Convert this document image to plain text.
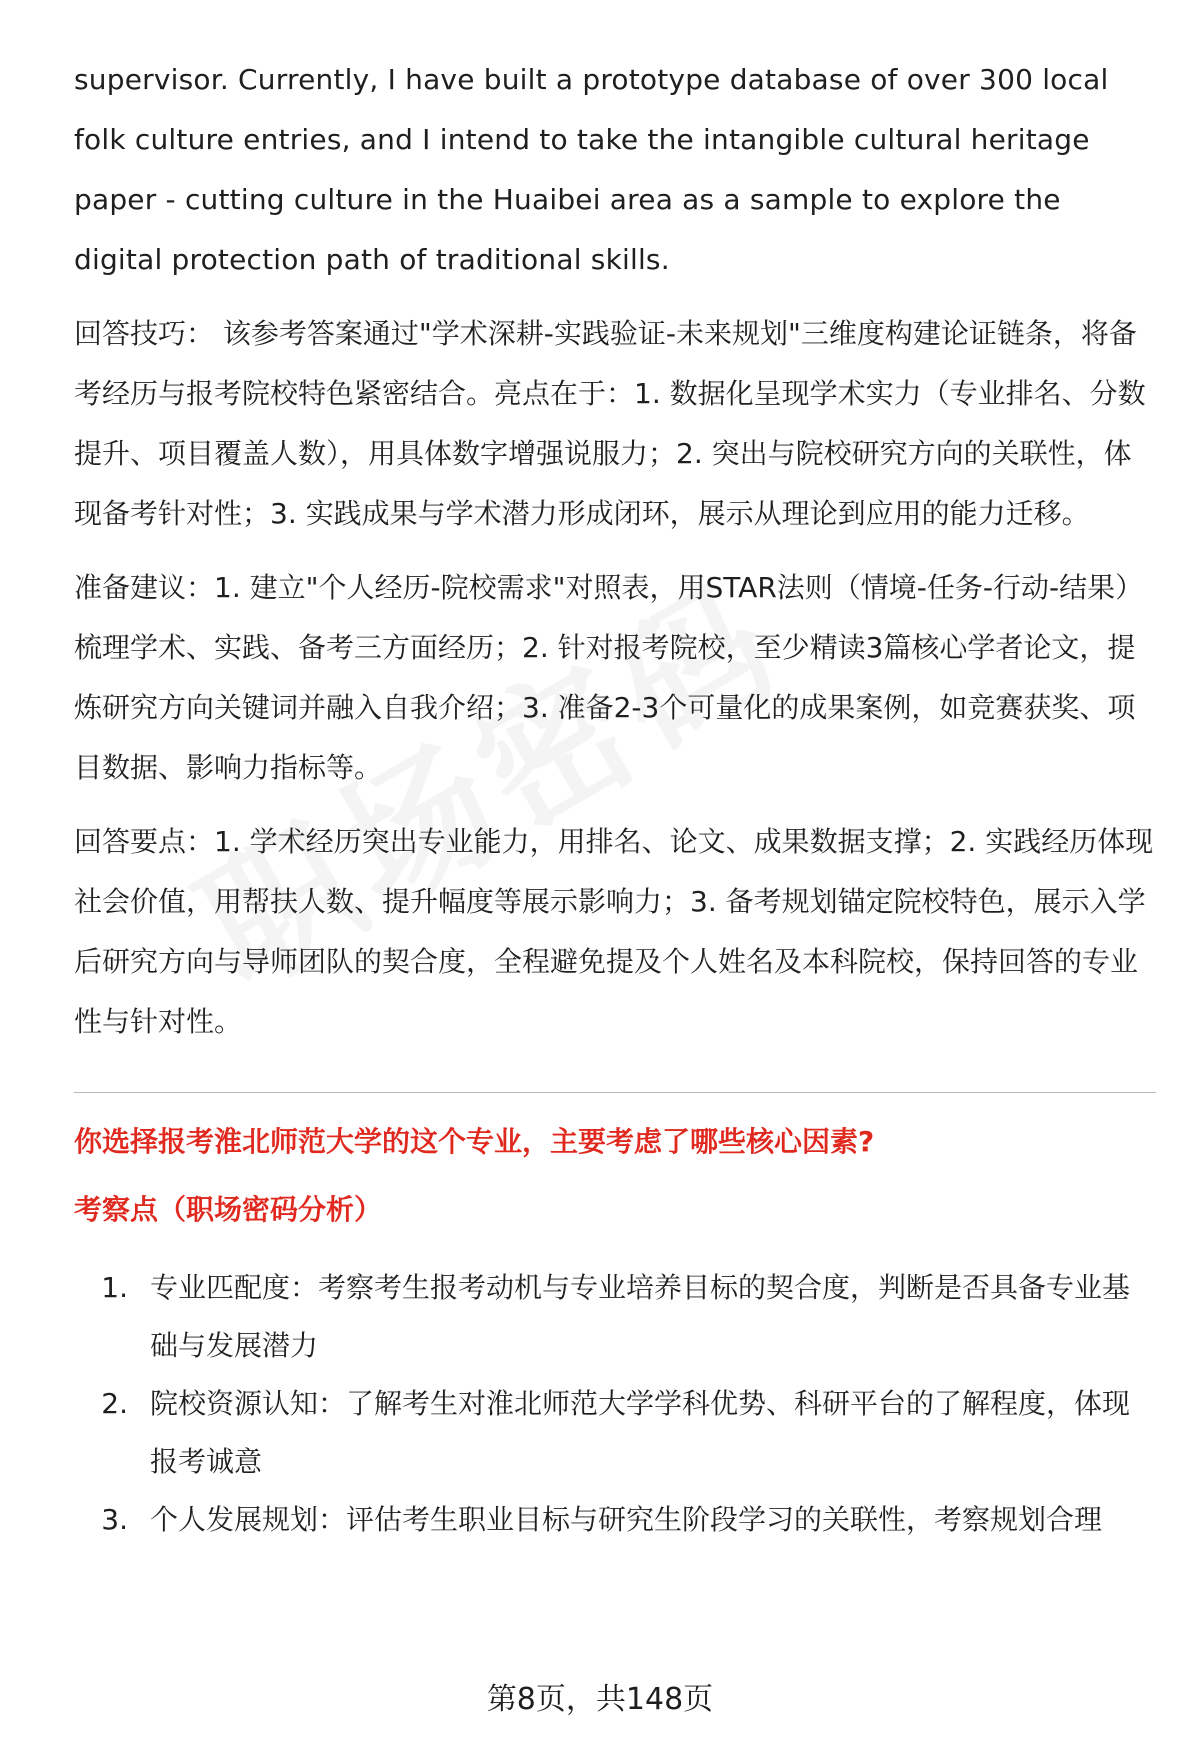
supervisor. Currently, I have built a prototype database of over 300 local folk culture entries, and I intend to take the intangible cultural heritage paper - cutting culture in the Huaibei area as a sample to explore the digital protection path of traditional skills.

回答技巧： 该参考答案通过"学术深耕-实践验证-未来规划"三维度构建论证链条，将备考经历与报考院校特色紧密结合。亮点在于：1. 数据化呈现学术实力（专业排名、分数提升、项目覆盖人数），用具体数字增强说服力；2. 突出与院校研究方向的关联性，体现备考针对性；3. 实践成果与学术潜力形成闭环，展示从理论到应用的能力迁移。

准备建议：1. 建立"个人经历-院校需求"对照表，用STAR法则（情境-任务-行动-结果）梳理学术、实践、备考三方面经历；2. 针对报考院校，至少精读3篇核心学者论文，提炼研究方向关键词并融入自我介绍；3. 准备2-3个可量化的成果案例，如竞赛获奖、项目数据、影响力指标等。

回答要点：1. 学术经历突出专业能力，用排名、论文、成果数据支撑；2. 实践经历体现社会价值，用帮扶人数、提升幅度等展示影响力；3. 备考规划锚定院校特色，展示入学后研究方向与导师团队的契合度，全程避免提及个人姓名及本科院校，保持回答的专业性与针对性。

你选择报考淮北师范大学的这个专业，主要考虑了哪些核心因素?

考察点（职场密码分析）

1. 专业匹配度：考察考生报考动机与专业培养目标的契合度，判断是否具备专业基础与发展潜力
2. 院校资源认知：了解考生对淮北师范大学学科优势、科研平台的了解程度，体现报考诚意
3. 个人发展规划：评估考生职业目标与研究生阶段学习的关联性，考察规划合理
第8页，共148页
